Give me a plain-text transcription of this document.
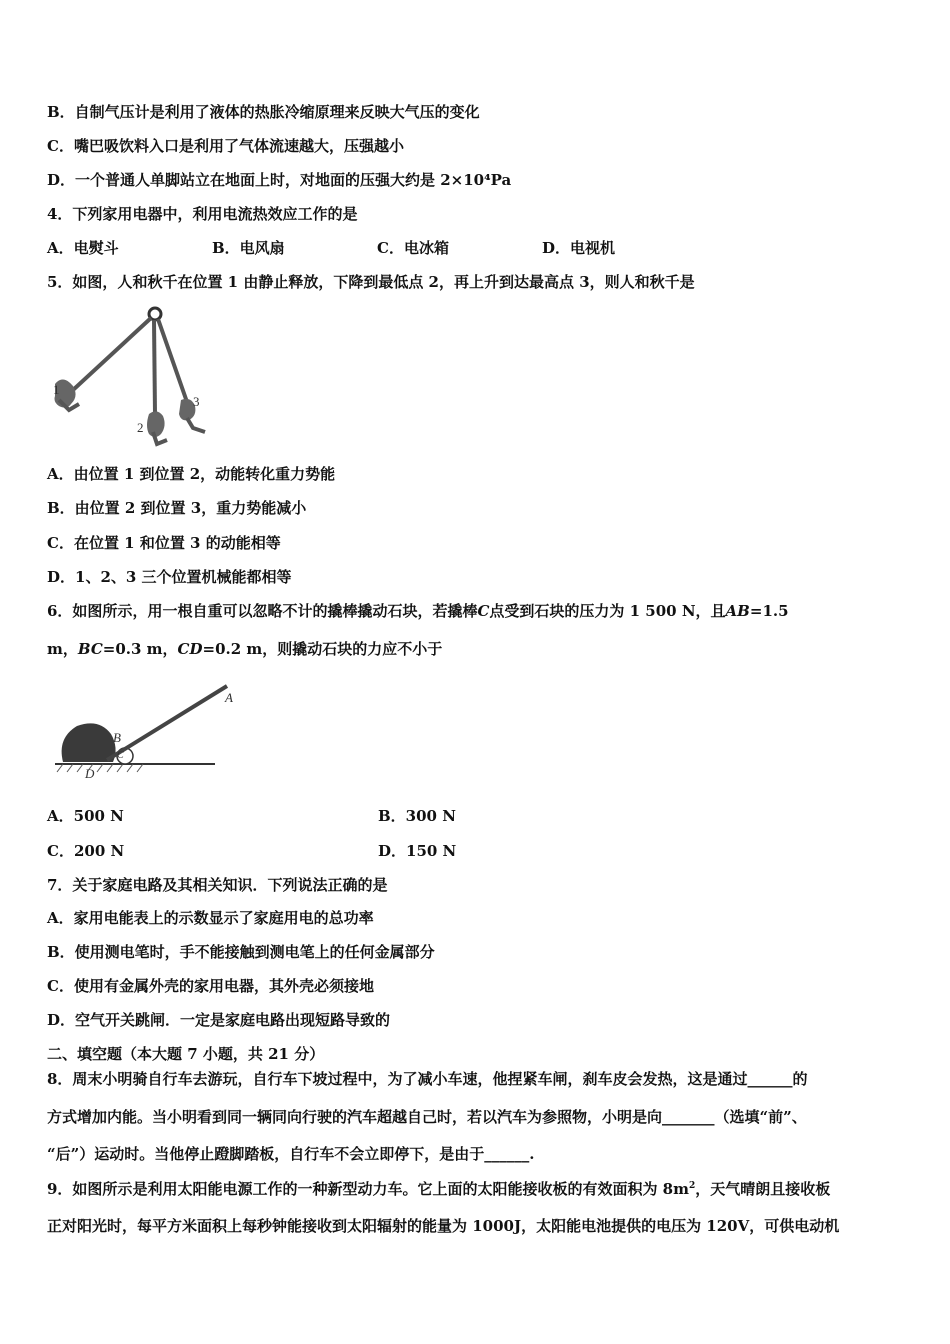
B．自制气压计是利用了液体的热胀冷缩原理来反映大气压的变化
C．嘴巴吸饮料入口是利用了气体流速越大，压强越小
D．一个普通人单脚站立在地面上时，对地面的压强大约是 2×10⁴Pa
4．下列家用电器中，利用电流热效应工作的是
A．电熨斗	B．电风扇	C．电冰箱	D．电视机
5．如图，人和秋千在位置 1 由静止释放，下降到最低点 2，再上升到达最高点 3，则人和秋千是
1
2
3
A．由位置 1 到位置 2，动能转化重力势能
B．由位置 2 到位置 3，重力势能减小
C．在位置 1 和位置 3 的动能相等
D．1、2、3 三个位置机械能都相等
6．如图所示，用一根自重可以忽略不计的撬棒撬动石块，若撬棒C点受到石块的压力为 1 500 N，且AB=1.5
m，BC=0.3 m，CD=0.2 m，则撬动石块的力应不小于
A
B
C
D
A．500 N	B．300 N
C．200 N	D．150 N
7．关于家庭电路及其相关知识．下列说法正确的是
A．家用电能表上的示数显示了家庭用电的总功率
B．使用测电笔时，手不能接触到测电笔上的任何金属部分
C．使用有金属外壳的家用电器，其外壳必须接地
D．空气开关跳闸．一定是家庭电路出现短路导致的
二、填空题（本大题 7 小题，共 21 分）
8．周末小明骑自行车去游玩，自行车下坡过程中，为了减小车速，他捏紧车闸，刹车皮会发热，这是通过______的
方式增加内能。当小明看到同一辆同向行驶的汽车超越自己时，若以汽车为参照物，小明是向_______（选填“前”、
“后”）运动时。当他停止蹬脚踏板，自行车不会立即停下，是由于______.
9．如图所示是利用太阳能电源工作的一种新型动力车。它上面的太阳能接收板的有效面积为 $8m^2$，天气晴朗且接收板
正对阳光时，每平方米面积上每秒钟能接收到太阳辐射的能量为 1000J，太阳能电池提供的电压为 120V，可供电动机
